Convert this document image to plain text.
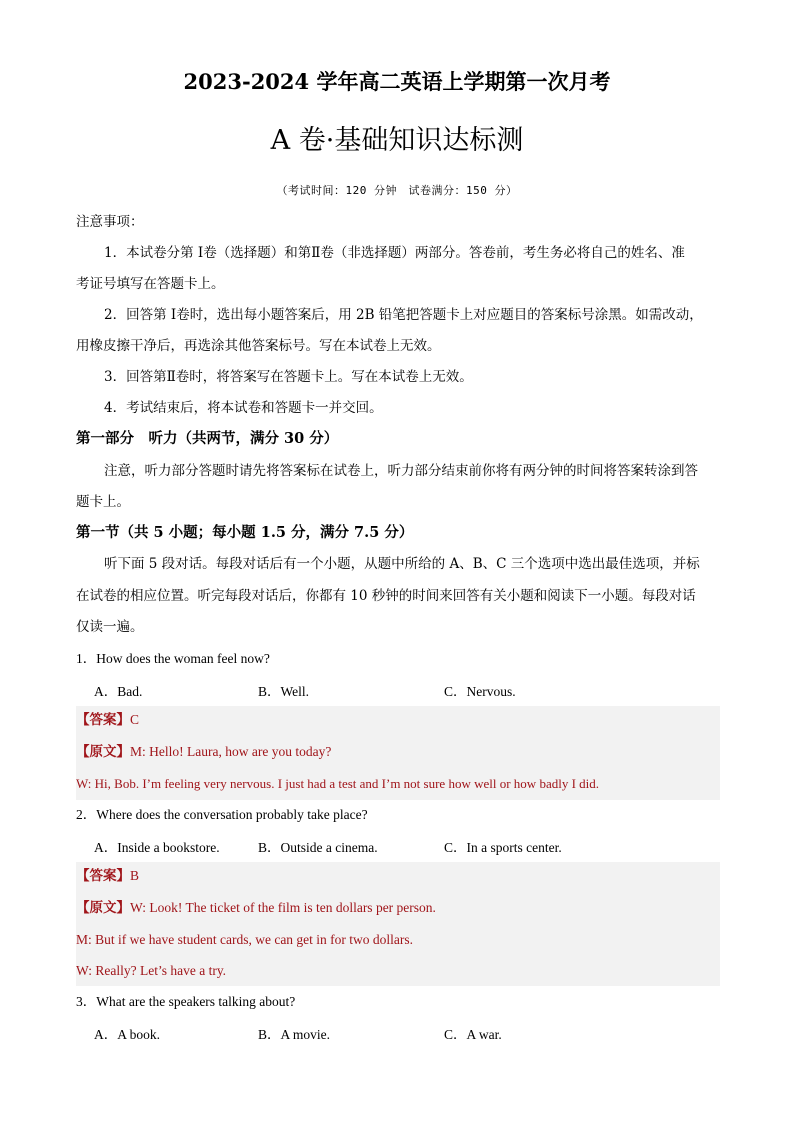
2023-2024 学年高二英语上学期第一次月考
A 卷·基础知识达标测
（考试时间：120 分钟　试卷满分：150 分）
注意事项：
1．本试卷分第 Ⅰ卷（选择题）和第Ⅱ卷（非选择题）两部分。答卷前，考生务必将自己的姓名、准
考证号填写在答题卡上。
2．回答第 Ⅰ卷时，选出每小题答案后，用 2B 铅笔把答题卡上对应题目的答案标号涂黑。如需改动，
用橡皮擦干净后，再选涂其他答案标号。写在本试卷上无效。
3．回答第Ⅱ卷时，将答案写在答题卡上。写在本试卷上无效。
4．考试结束后，将本试卷和答题卡一并交回。
第一部分　听力（共两节，满分 30 分）
注意，听力部分答题时请先将答案标在试卷上，听力部分结束前你将有两分钟的时间将答案转涂到答
题卡上。
第一节（共 5 小题；每小题 1.5 分，满分 7.5 分）
听下面 5 段对话。每段对话后有一个小题，从题中所给的 A、B、C 三个选项中选出最佳选项，并标
在试卷的相应位置。听完每段对话后，你都有 10 秒钟的时间来回答有关小题和阅读下一小题。每段对话
仅读一遍。
1．How does the woman feel now?
A．Bad.	B．Well.	C．Nervous.
【答案】C
【原文】M: Hello! Laura, how are you today?
W: Hi, Bob. I’m feeling very nervous. I just had a test and I’m not sure how well or how badly I did.
2．Where does the conversation probably take place?
A．Inside a bookstore.	B．Outside a cinema.	C．In a sports center.
【答案】B
【原文】W: Look! The ticket of the film is ten dollars per person.
M: But if we have student cards, we can get in for two dollars.
W: Really? Let’s have a try.
3．What are the speakers talking about?
A．A book.	B．A movie.	C．A war.
